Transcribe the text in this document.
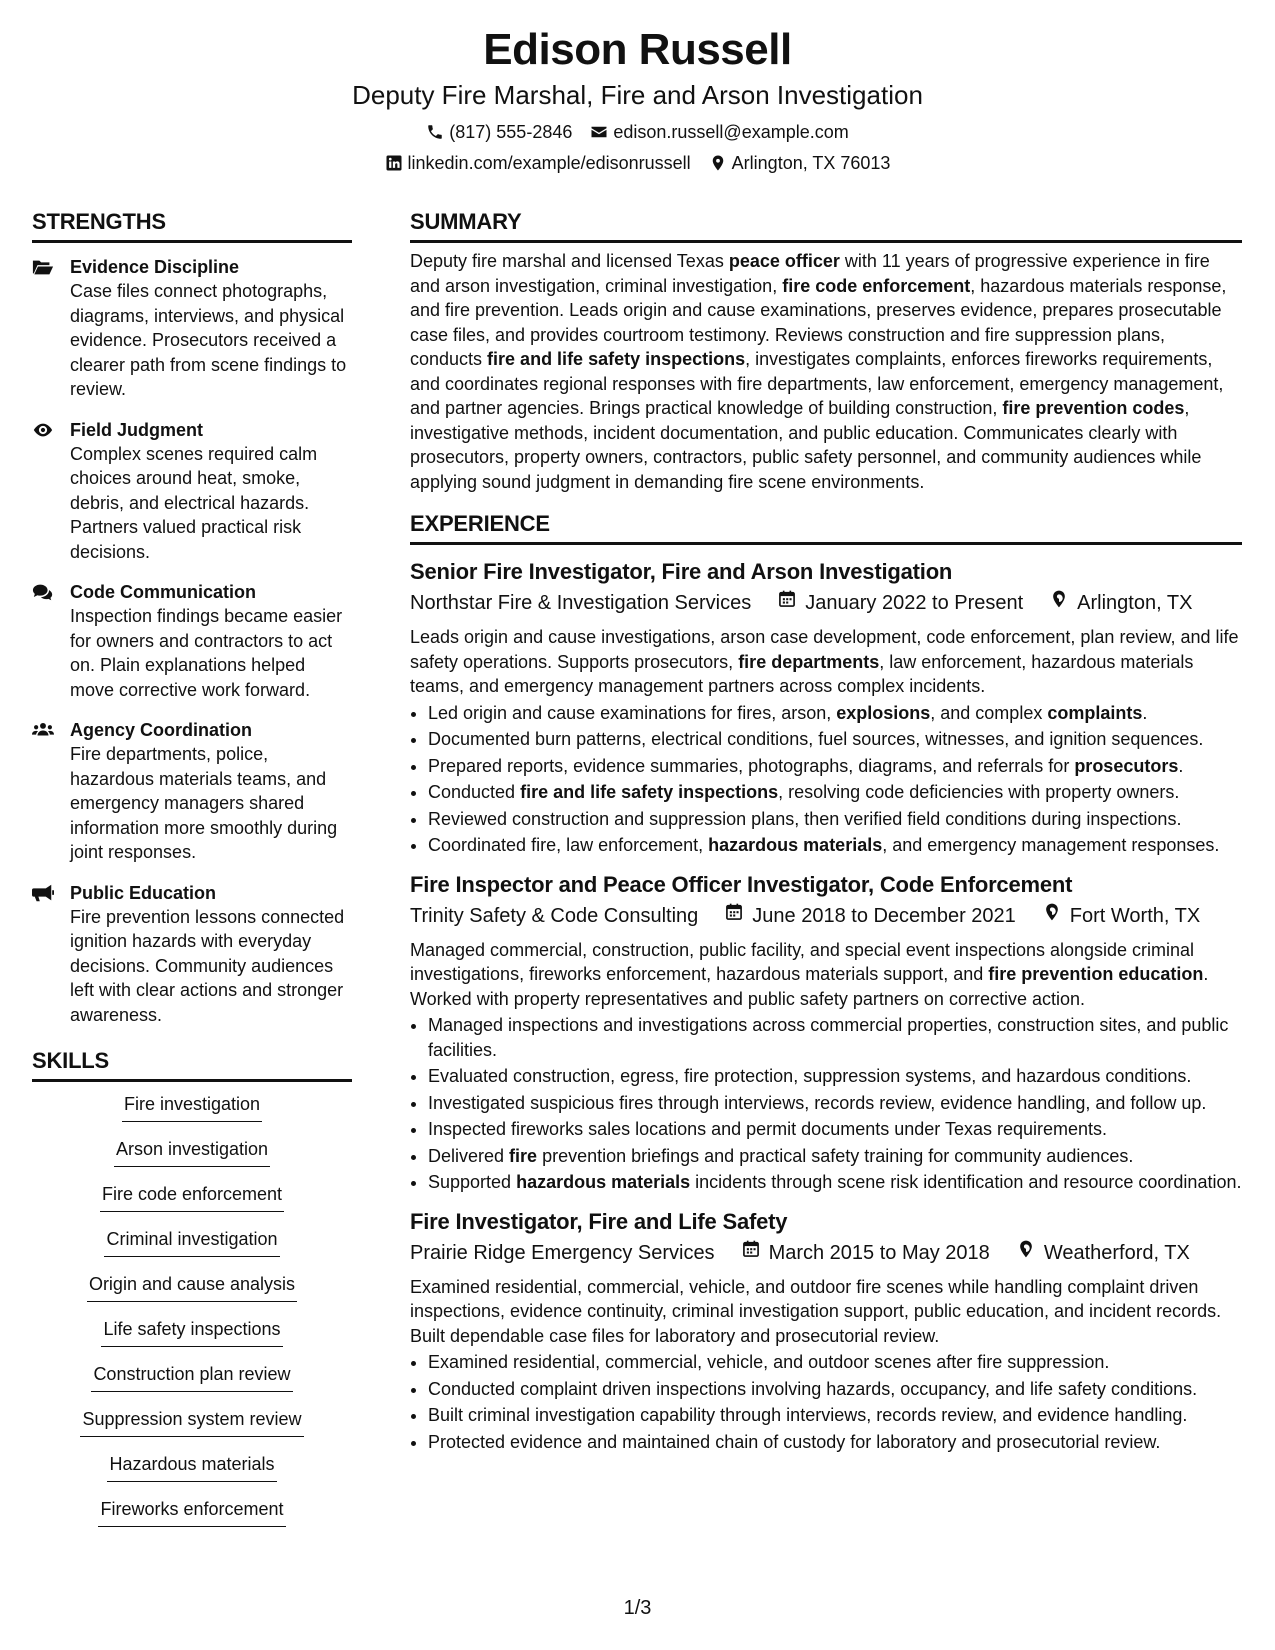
Edison Russell
Deputy Fire Marshal, Fire and Arson Investigation
(817) 555-2846 edison.russell@example.com
linkedin.com/example/edisonrussell Arlington, TX 76013
STRENGTHS
Evidence Discipline
Case files connect photographs, diagrams, interviews, and physical evidence. Prosecutors received a clearer path from scene findings to review.
Field Judgment
Complex scenes required calm choices around heat, smoke, debris, and electrical hazards. Partners valued practical risk decisions.
Code Communication
Inspection findings became easier for owners and contractors to act on. Plain explanations helped move corrective work forward.
Agency Coordination
Fire departments, police, hazardous materials teams, and emergency managers shared information more smoothly during joint responses.
Public Education
Fire prevention lessons connected ignition hazards with everyday decisions. Community audiences left with clear actions and stronger awareness.
SKILLS
Fire investigation
Arson investigation
Fire code enforcement
Criminal investigation
Origin and cause analysis
Life safety inspections
Construction plan review
Suppression system review
Hazardous materials
Fireworks enforcement
SUMMARY
Deputy fire marshal and licensed Texas peace officer with 11 years of progressive experience in fire and arson investigation, criminal investigation, fire code enforcement, hazardous materials response, and fire prevention. Leads origin and cause examinations, preserves evidence, prepares prosecutable case files, and provides courtroom testimony. Reviews construction and fire suppression plans, conducts fire and life safety inspections, investigates complaints, enforces fireworks requirements, and coordinates regional responses with fire departments, law enforcement, emergency management, and partner agencies. Brings practical knowledge of building construction, fire prevention codes, investigative methods, incident documentation, and public education. Communicates clearly with prosecutors, property owners, contractors, public safety personnel, and community audiences while applying sound judgment in demanding fire scene environments.
EXPERIENCE
Senior Fire Investigator, Fire and Arson Investigation
Northstar Fire & Investigation Services	January 2022 to Present	Arlington, TX
Leads origin and cause investigations, arson case development, code enforcement, plan review, and life safety operations. Supports prosecutors, fire departments, law enforcement, hazardous materials teams, and emergency management partners across complex incidents.
• Led origin and cause examinations for fires, arson, explosions, and complex complaints.
• Documented burn patterns, electrical conditions, fuel sources, witnesses, and ignition sequences.
• Prepared reports, evidence summaries, photographs, diagrams, and referrals for prosecutors.
• Conducted fire and life safety inspections, resolving code deficiencies with property owners.
• Reviewed construction and suppression plans, then verified field conditions during inspections.
• Coordinated fire, law enforcement, hazardous materials, and emergency management responses.
Fire Inspector and Peace Officer Investigator, Code Enforcement
Trinity Safety & Code Consulting	June 2018 to December 2021	Fort Worth, TX
Managed commercial, construction, public facility, and special event inspections alongside criminal investigations, fireworks enforcement, hazardous materials support, and fire prevention education. Worked with property representatives and public safety partners on corrective action.
• Managed inspections and investigations across commercial properties, construction sites, and public facilities.
• Evaluated construction, egress, fire protection, suppression systems, and hazardous conditions.
• Investigated suspicious fires through interviews, records review, evidence handling, and follow up.
• Inspected fireworks sales locations and permit documents under Texas requirements.
• Delivered fire prevention briefings and practical safety training for community audiences.
• Supported hazardous materials incidents through scene risk identification and resource coordination.
Fire Investigator, Fire and Life Safety
Prairie Ridge Emergency Services	March 2015 to May 2018	Weatherford, TX
Examined residential, commercial, vehicle, and outdoor fire scenes while handling complaint driven inspections, evidence continuity, criminal investigation support, public education, and incident records. Built dependable case files for laboratory and prosecutorial review.
• Examined residential, commercial, vehicle, and outdoor scenes after fire suppression.
• Conducted complaint driven inspections involving hazards, occupancy, and life safety conditions.
• Built criminal investigation capability through interviews, records review, and evidence handling.
• Protected evidence and maintained chain of custody for laboratory and prosecutorial review.
1/3
